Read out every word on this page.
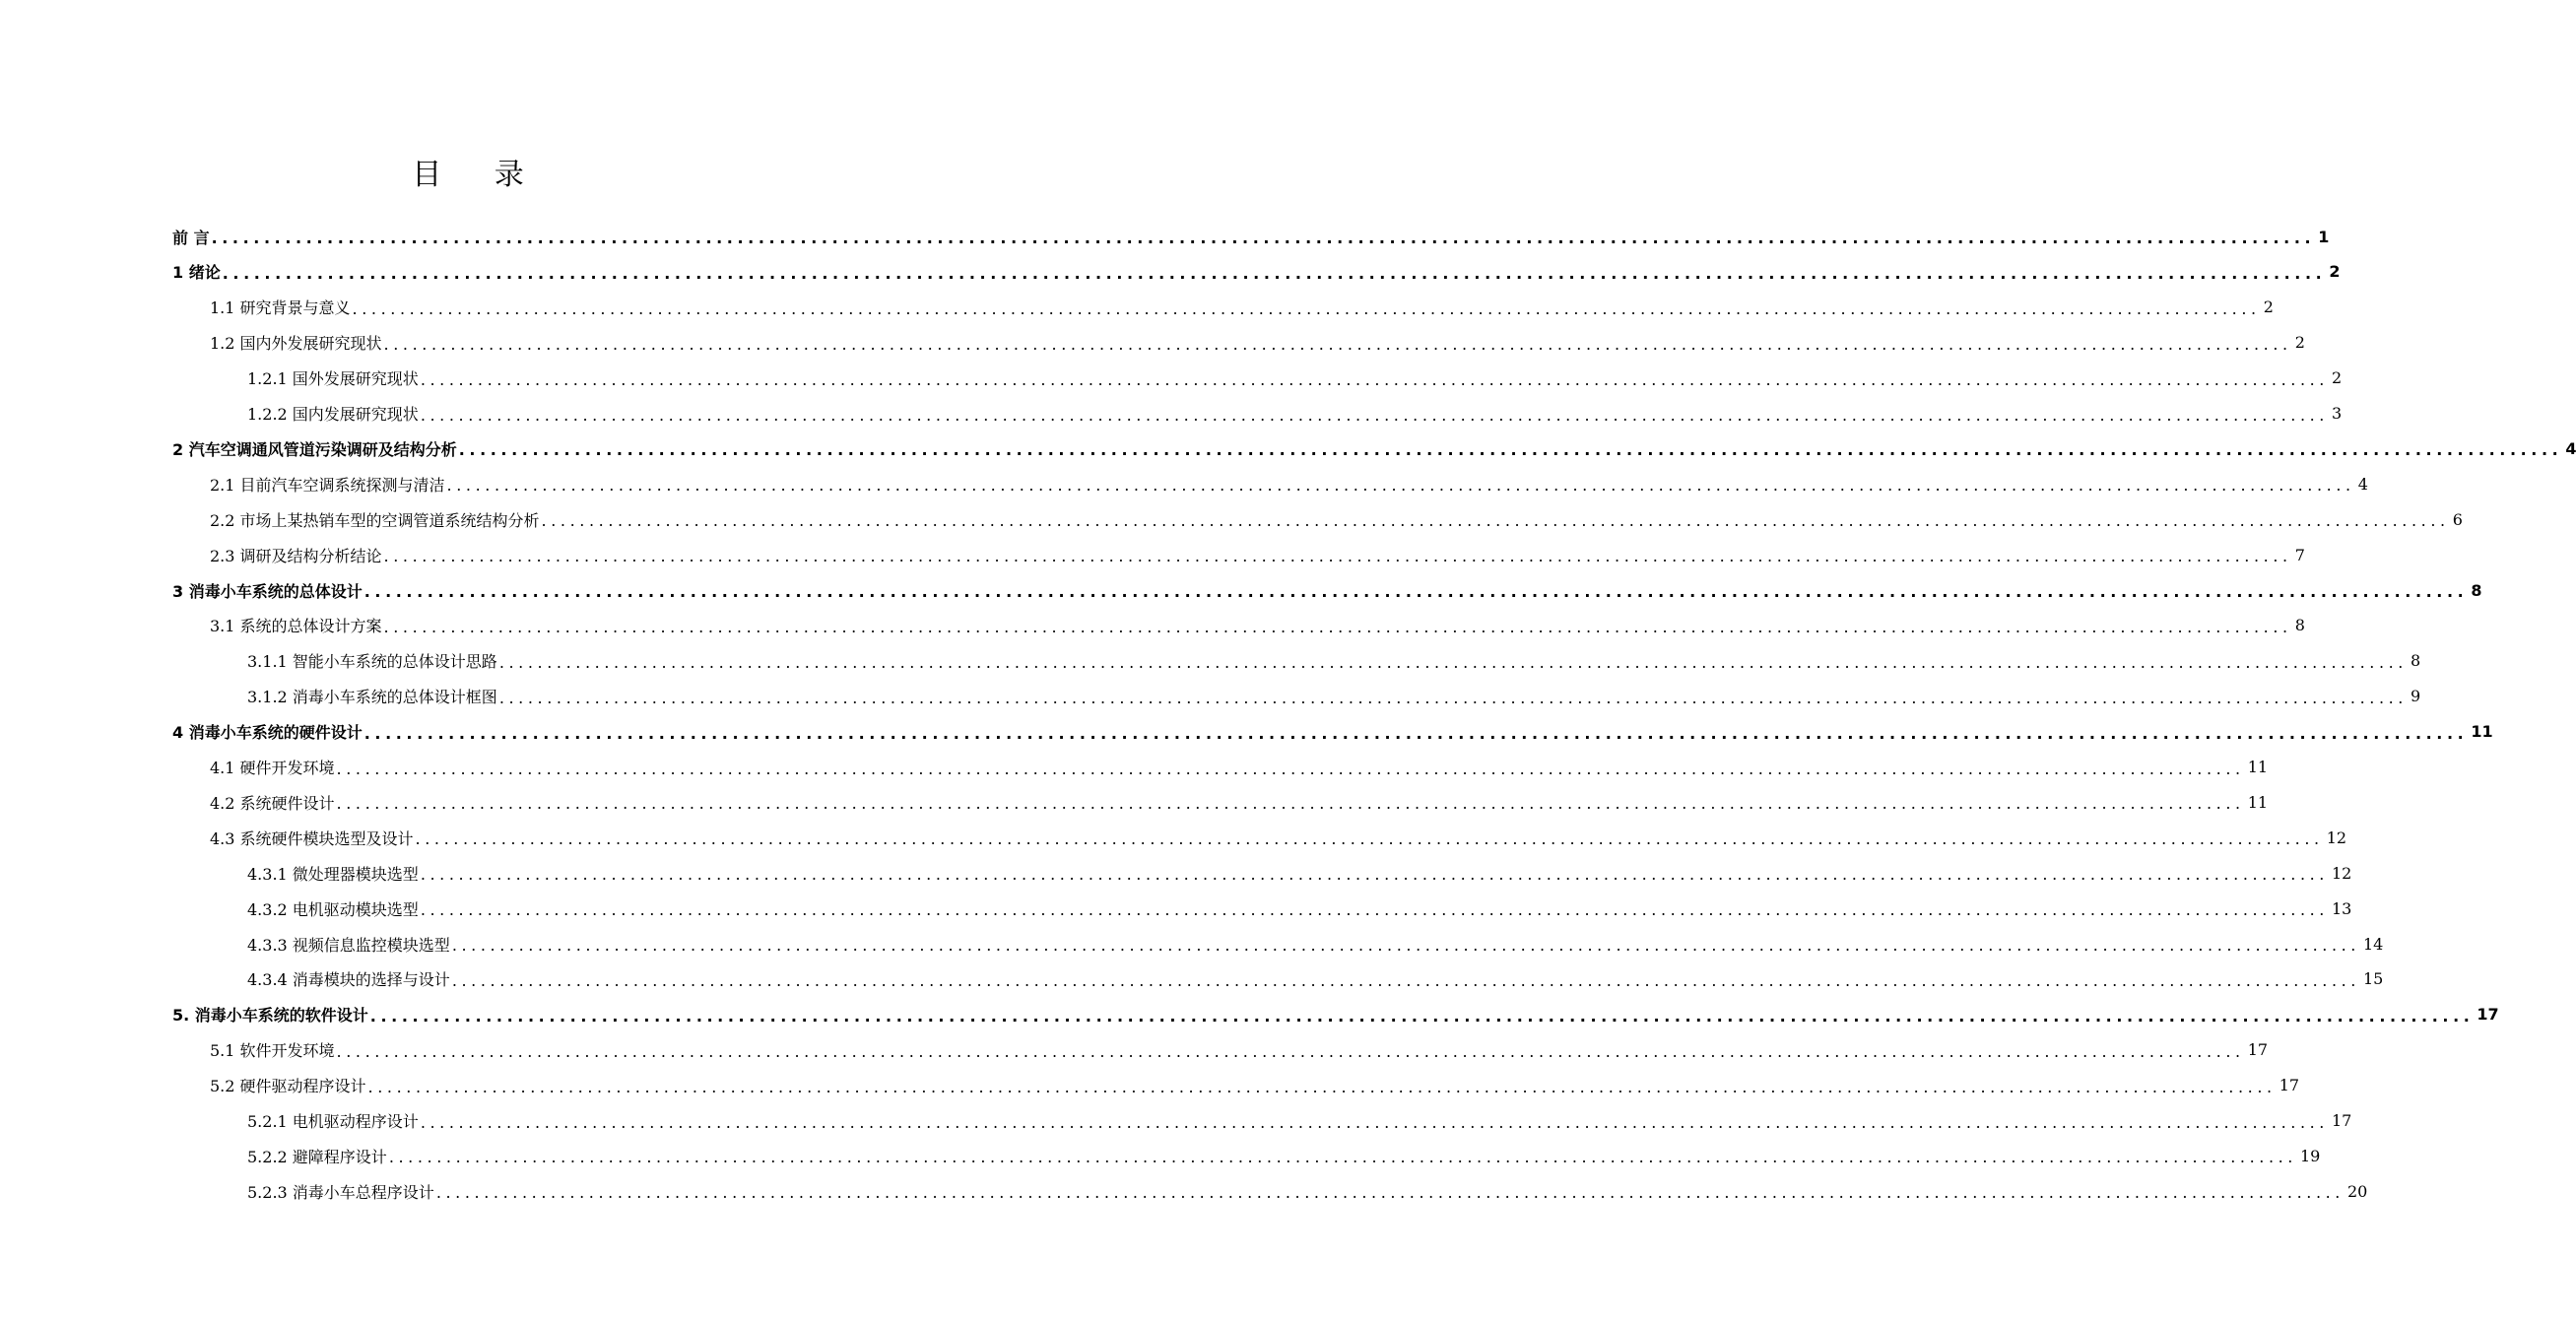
目 录
前 言 ........................................................................................................................................................................................................ 1
1 绪论 ........................................................................................................................................................................................................ 2
1.1 研究背景与意义 ........................................................................................................................................................................................................ 2
1.2 国内外发展研究现状 ........................................................................................................................................................................................................ 2
1.2.1 国外发展研究现状 ........................................................................................................................................................................................................ 2
1.2.2 国内发展研究现状 ........................................................................................................................................................................................................ 3
2 汽车空调通风管道污染调研及结构分析 ........................................................................................................................................................................................................ 4
2.1 目前汽车空调系统探测与清洁 ........................................................................................................................................................................................................ 4
2.2 市场上某热销车型的空调管道系统结构分析 ........................................................................................................................................................................................................ 6
2.3 调研及结构分析结论 ........................................................................................................................................................................................................ 7
3 消毒小车系统的总体设计 ........................................................................................................................................................................................................ 8
3.1 系统的总体设计方案 ........................................................................................................................................................................................................ 8
3.1.1 智能小车系统的总体设计思路 ........................................................................................................................................................................................................ 8
3.1.2 消毒小车系统的总体设计框图 ........................................................................................................................................................................................................ 9
4 消毒小车系统的硬件设计 ........................................................................................................................................................................................................ 11
4.1 硬件开发环境 ........................................................................................................................................................................................................ 11
4.2 系统硬件设计 ........................................................................................................................................................................................................ 11
4.3 系统硬件模块选型及设计 ........................................................................................................................................................................................................ 12
4.3.1 微处理器模块选型 ........................................................................................................................................................................................................ 12
4.3.2 电机驱动模块选型 ........................................................................................................................................................................................................ 13
4.3.3 视频信息监控模块选型 ........................................................................................................................................................................................................ 14
4.3.4 消毒模块的选择与设计 ........................................................................................................................................................................................................ 15
5. 消毒小车系统的软件设计 ........................................................................................................................................................................................................ 17
5.1 软件开发环境 ........................................................................................................................................................................................................ 17
5.2 硬件驱动程序设计 ........................................................................................................................................................................................................ 17
5.2.1 电机驱动程序设计 ........................................................................................................................................................................................................ 17
5.2.2 避障程序设计 ........................................................................................................................................................................................................ 19
5.2.3 消毒小车总程序设计 ........................................................................................................................................................................................................ 20
